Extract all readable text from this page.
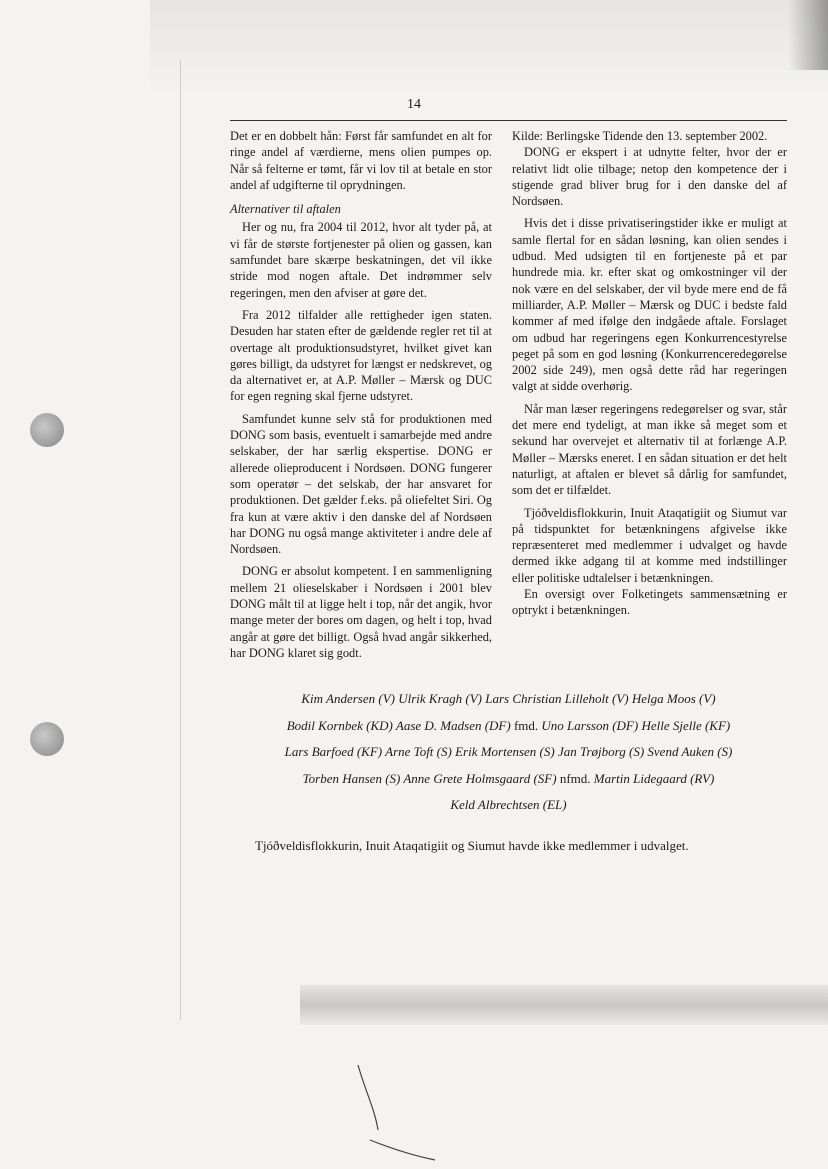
14

Det er en dobbelt hån: Først får samfundet en alt for ringe andel af værdierne, mens olien pumpes op. Når så felterne er tømt, får vi lov til at betale en stor andel af udgifterne til oprydningen.

Alternativer til aftalen

Her og nu, fra 2004 til 2012, hvor alt tyder på, at vi får de største fortjenester på olien og gassen, kan samfundet bare skærpe beskatningen, det vil ikke stride mod nogen aftale. Det indrømmer selv regeringen, men den afviser at gøre det.

Fra 2012 tilfalder alle rettigheder igen staten. Desuden har staten efter de gældende regler ret til at overtage alt produktionsudstyret, hvilket givet kan gøres billigt, da udstyret for længst er nedskrevet, og da alternativet er, at A.P. Møller – Mærsk og DUC for egen regning skal fjerne udstyret.

Samfundet kunne selv stå for produktionen med DONG som basis, eventuelt i samarbejde med andre selskaber, der har særlig ekspertise. DONG er allerede olieproducent i Nordsøen. DONG fungerer som operatør – det selskab, der har ansvaret for produktionen. Det gælder f.eks. på oliefeltet Siri. Og fra kun at være aktiv i den danske del af Nordsøen har DONG nu også mange aktiviteter i andre dele af Nordsøen.

DONG er absolut kompetent. I en sammenligning mellem 21 olieselskaber i Nordsøen i 2001 blev DONG målt til at ligge helt i top, når det angik, hvor mange meter der bores om dagen, og helt i top, hvad angår at gøre det billigt. Også hvad angår sikkerhed, har DONG klaret sig godt.

Kilde: Berlingske Tidende den 13. september 2002.

DONG er ekspert i at udnytte felter, hvor der er relativt lidt olie tilbage; netop den kompetence der i stigende grad bliver brug for i den danske del af Nordsøen.

Hvis det i disse privatiseringstider ikke er muligt at samle flertal for en sådan løsning, kan olien sendes i udbud. Med udsigten til en fortjeneste på et par hundrede mia. kr. efter skat og omkostninger vil der nok være en del selskaber, der vil byde mere end de få milliarder, A.P. Møller – Mærsk og DUC i bedste fald kommer af med ifølge den indgåede aftale. Forslaget om udbud har regeringens egen Konkurrencestyrelse peget på som en god løsning (Konkurrenceredegørelse 2002 side 249), men også dette råd har regeringen valgt at sidde overhørig.

Når man læser regeringens redegørelser og svar, står det mere end tydeligt, at man ikke så meget som et sekund har overvejet et alternativ til at forlænge A.P. Møller – Mærsks eneret. I en sådan situation er det helt naturligt, at aftalen er blevet så dårlig for samfundet, som det er tilfældet.

Tjóðveldisflokkurin, Inuit Ataqatigiit og Siumut var på tidspunktet for betænkningens afgivelse ikke repræsenteret med medlemmer i udvalget og havde dermed ikke adgang til at komme med indstillinger eller politiske udtalelser i betænkningen.

En oversigt over Folketingets sammensætning er optrykt i betænkningen.

Kim Andersen (V) Ulrik Kragh (V) Lars Christian Lilleholt (V) Helga Moos (V)
Bodil Kornbek (KD) Aase D. Madsen (DF) fmd. Uno Larsson (DF) Helle Sjelle (KF)
Lars Barfoed (KF) Arne Toft (S) Erik Mortensen (S) Jan Trøjborg (S) Svend Auken (S)
Torben Hansen (S) Anne Grete Holmsgaard (SF) nfmd. Martin Lidegaard (RV)
Keld Albrechtsen (EL)
Tjóðveldisflokkurin, Inuit Ataqatigiit og Siumut havde ikke medlemmer i udvalget.
